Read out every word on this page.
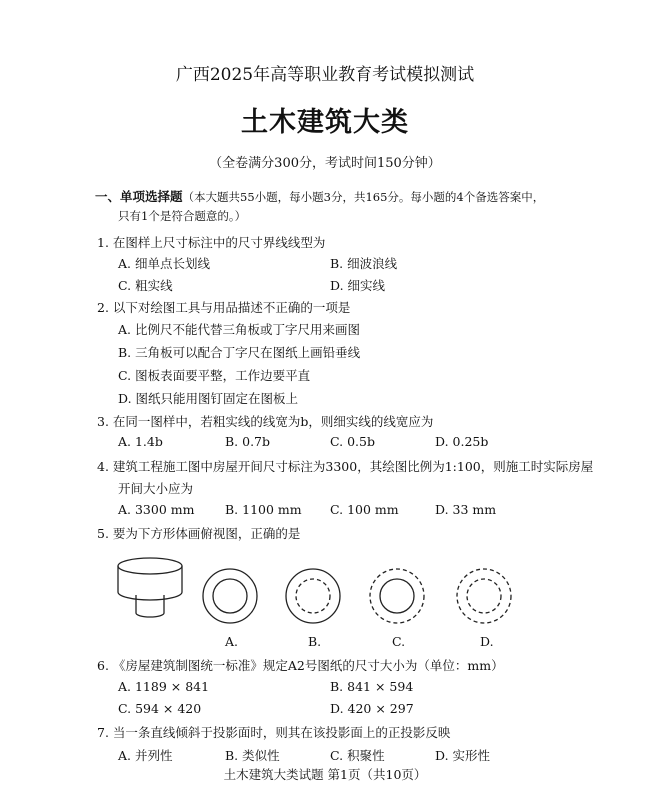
广西2025年高等职业教育考试模拟测试
土木建筑大类
（全卷满分300分，考试时间150分钟）
一、单项选择题（本大题共55小题，每小题3分，共165分。每小题的4个备选答案中，
只有1个是符合题意的。）
1. 在图样上尺寸标注中的尺寸界线线型为
A. 细单点长划线	B. 细波浪线
C. 粗实线	D. 细实线
2. 以下对绘图工具与用品描述不正确的一项是
A. 比例尺不能代替三角板或丁字尺用来画图
B. 三角板可以配合丁字尺在图纸上画铅垂线
C. 图板表面要平整，工作边要平直
D. 图纸只能用图钉固定在图板上
3. 在同一图样中，若粗实线的线宽为b，则细实线的线宽应为
A. 1.4b	B. 0.7b	C. 0.5b	D. 0.25b
4. 建筑工程施工图中房屋开间尺寸标注为3300，其绘图比例为1:100，则施工时实际房屋
开间大小应为
A. 3300 mm B. 1100 mm C. 100 mm	D. 33 mm
5. 要为下方形体画俯视图，正确的是
A.	B.	C.	D.
6. 《房屋建筑制图统一标准》规定A2号图纸的尺寸大小为（单位：mm）
A. 1189 × 841	B. 841 × 594
C. 594 × 420	D. 420 × 297
7. 当一条直线倾斜于投影面时，则其在该投影面上的正投影反映
A. 并列性	B. 类似性	C. 积聚性	D. 实形性
土木建筑大类试题 第1页（共10页）
